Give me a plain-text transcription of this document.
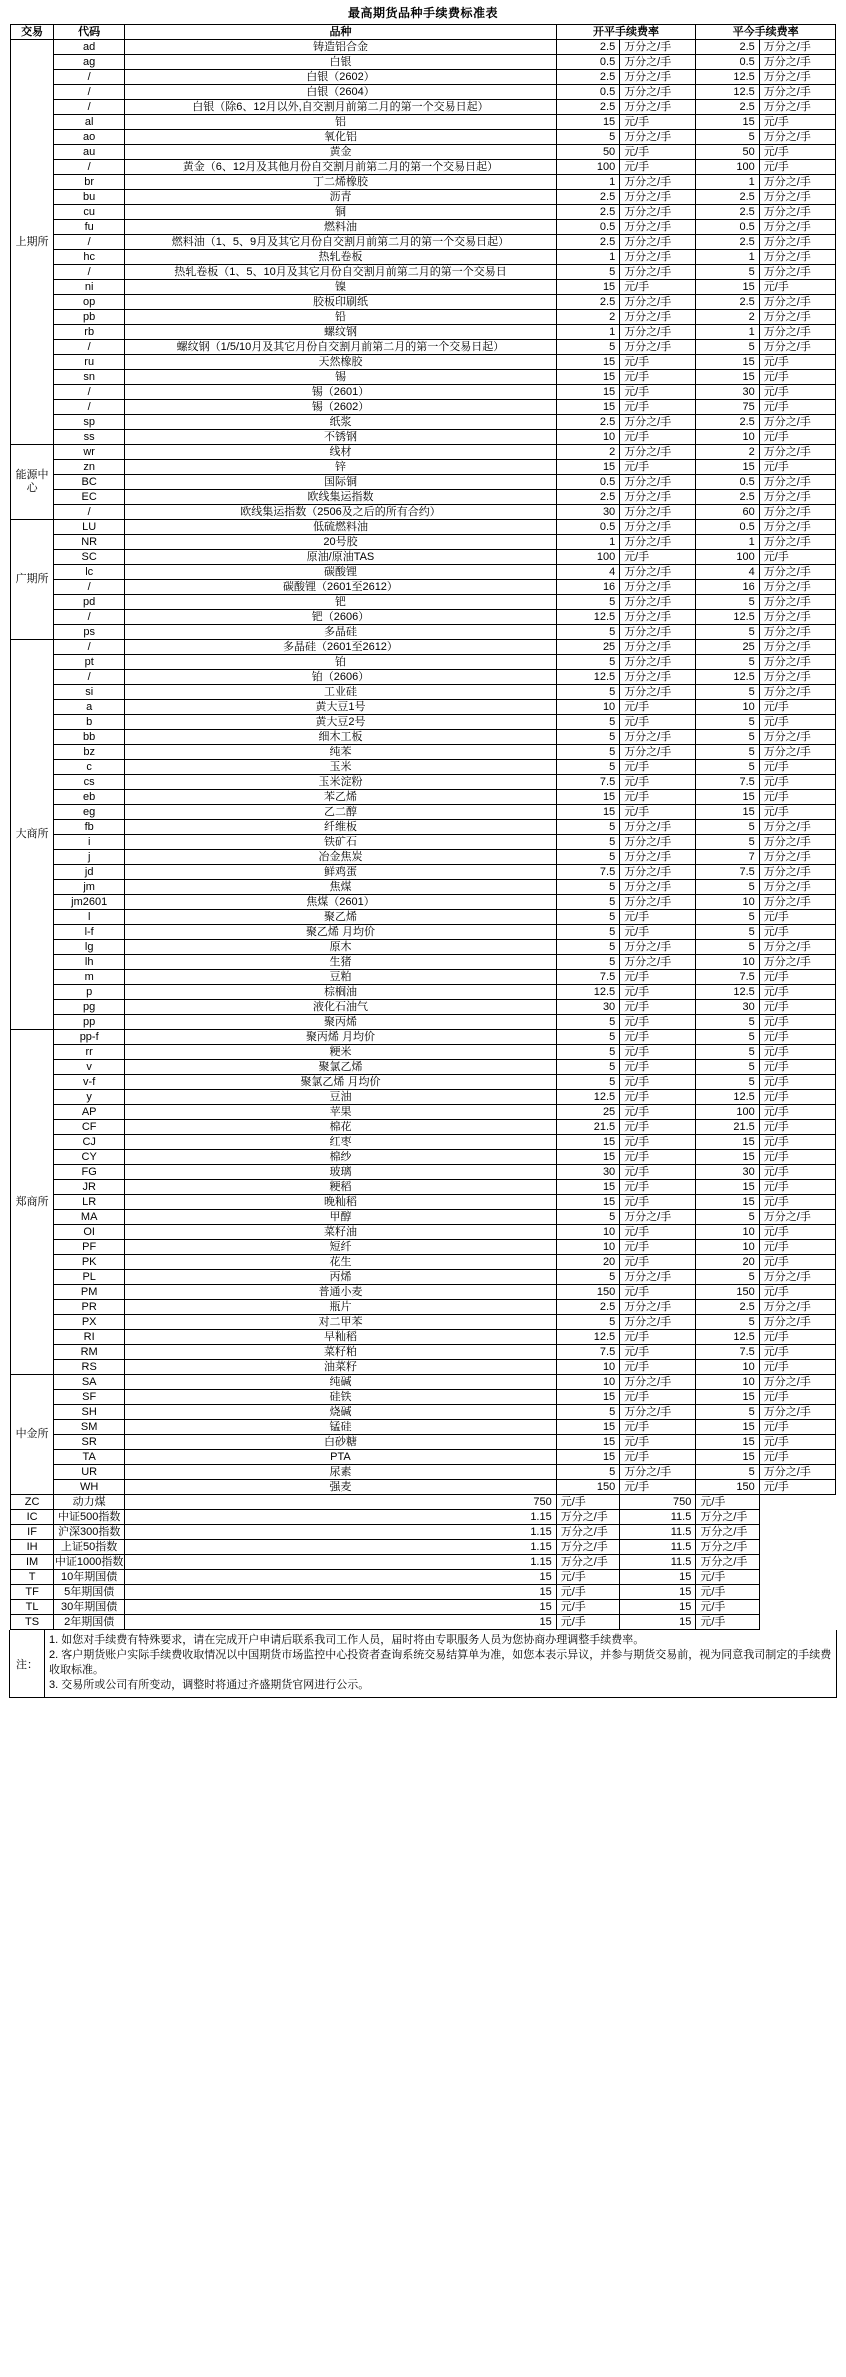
最高期货品种手续费标准表
交易	代码	品种	开平手续费率		平今手续费率	
上期所	ad	铸造铝合金	2.5	万分之/手	2.5	万分之/手
	ag	白银	0.5	万分之/手	0.5	万分之/手
	/	白银（2602）	2.5	万分之/手	12.5	万分之/手
	/	白银（2604）	0.5	万分之/手	12.5	万分之/手
	/	白银（除6、12月以外,自交割月前第二月的第一个交易日起）	2.5	万分之/手	2.5	万分之/手
	al	铝	15	元/手	15	元/手
	ao	氧化铝	5	万分之/手	5	万分之/手
	au	黄金	50	元/手	50	元/手
	/	黄金（6、12月及其他月份自交割月前第二月的第一个交易日起）	100	元/手	100	元/手
	br	丁二烯橡胶	1	万分之/手	1	万分之/手
	bu	沥青	2.5	万分之/手	2.5	万分之/手
	cu	铜	2.5	万分之/手	2.5	万分之/手
	fu	燃料油	0.5	万分之/手	0.5	万分之/手
	/	燃料油（1、5、9月及其它月份自交割月前第二月的第一个交易日起）	2.5	万分之/手	2.5	万分之/手
	hc	热轧卷板	1	万分之/手	1	万分之/手
	/	热轧卷板（1、5、10月及其它月份自交割月前第二月的第一个交易日	5	万分之/手	5	万分之/手
	ni	镍	15	元/手	15	元/手
	op	胶板印刷纸	2.5	万分之/手	2.5	万分之/手
	pb	铅	2	万分之/手	2	万分之/手
	rb	螺纹钢	1	万分之/手	1	万分之/手
	/	螺纹钢（1/5/10月及其它月份自交割月前第二月的第一个交易日起）	5	万分之/手	5	万分之/手
	ru	天然橡胶	15	元/手	15	元/手
	sn	锡	15	元/手	15	元/手
	/	锡（2601）	15	元/手	30	元/手
	/	锡（2602）	15	元/手	75	元/手
	sp	纸浆	2.5	万分之/手	2.5	万分之/手
	ss	不锈钢	10	元/手	10	元/手
能源中心	wr	线材	2	万分之/手	2	万分之/手
	zn	锌	15	元/手	15	元/手
	BC	国际铜	0.5	万分之/手	0.5	万分之/手
	EC	欧线集运指数	2.5	万分之/手	2.5	万分之/手
	/	欧线集运指数（2506及之后的所有合约）	30	万分之/手	60	万分之/手
广期所	LU	低硫燃料油	0.5	万分之/手	0.5	万分之/手
	NR	20号胶	1	万分之/手	1	万分之/手
	SC	原油/原油TAS	100	元/手	100	元/手
	lc	碳酸锂	4	万分之/手	4	万分之/手
	/	碳酸锂（2601至2612）	16	万分之/手	16	万分之/手
	pd	钯	5	万分之/手	5	万分之/手
	/	钯（2606）	12.5	万分之/手	12.5	万分之/手
	ps	多晶硅	5	万分之/手	5	万分之/手
大商所	/	多晶硅（2601至2612）	25	万分之/手	25	万分之/手
	pt	铂	5	万分之/手	5	万分之/手
	/	铂（2606）	12.5	万分之/手	12.5	万分之/手
	si	工业硅	5	万分之/手	5	万分之/手
	a	黄大豆1号	10	元/手	10	元/手
	b	黄大豆2号	5	元/手	5	元/手
	bb	细木工板	5	万分之/手	5	万分之/手
	bz	纯苯	5	万分之/手	5	万分之/手
	c	玉米	5	元/手	5	元/手
	cs	玉米淀粉	7.5	元/手	7.5	元/手
	eb	苯乙烯	15	元/手	15	元/手
	eg	乙二醇	15	元/手	15	元/手
	fb	纤维板	5	万分之/手	5	万分之/手
	i	铁矿石	5	万分之/手	5	万分之/手
	j	冶金焦炭	5	万分之/手	7	万分之/手
	jd	鲜鸡蛋	7.5	万分之/手	7.5	万分之/手
	jm	焦煤	5	万分之/手	5	万分之/手
	jm2601	焦煤（2601）	5	万分之/手	10	万分之/手
	l	聚乙烯	5	元/手	5	元/手
	l-f	聚乙烯 月均价	5	元/手	5	元/手
	lg	原木	5	万分之/手	5	万分之/手
	lh	生猪	5	万分之/手	10	万分之/手
	m	豆粕	7.5	元/手	7.5	元/手
	p	棕榈油	12.5	元/手	12.5	元/手
	pg	液化石油气	30	元/手	30	元/手
	pp	聚丙烯	5	元/手	5	元/手
郑商所	pp-f	聚丙烯 月均价	5	元/手	5	元/手
	rr	粳米	5	元/手	5	元/手
	v	聚氯乙烯	5	元/手	5	元/手
	v-f	聚氯乙烯 月均价	5	元/手	5	元/手
	y	豆油	12.5	元/手	12.5	元/手
	AP	苹果	25	元/手	100	元/手
	CF	棉花	21.5	元/手	21.5	元/手
	CJ	红枣	15	元/手	15	元/手
	CY	棉纱	15	元/手	15	元/手
	FG	玻璃	30	元/手	30	元/手
	JR	粳稻	15	元/手	15	元/手
	LR	晚籼稻	15	元/手	15	元/手
	MA	甲醇	5	万分之/手	5	万分之/手
	OI	菜籽油	10	元/手	10	元/手
	PF	短纤	10	元/手	10	元/手
	PK	花生	20	元/手	20	元/手
	PL	丙烯	5	万分之/手	5	万分之/手
	PM	普通小麦	150	元/手	150	元/手
	PR	瓶片	2.5	万分之/手	2.5	万分之/手
	PX	对二甲苯	5	万分之/手	5	万分之/手
	RI	早籼稻	12.5	元/手	12.5	元/手
	RM	菜籽粕	7.5	元/手	7.5	元/手
	RS	油菜籽	10	元/手	10	元/手
中金所	SA	纯碱	10	万分之/手	10	万分之/手
	SF	硅铁	15	元/手	15	元/手
	SH	烧碱	5	万分之/手	5	万分之/手
	SM	锰硅	15	元/手	15	元/手
	SR	白砂糖	15	元/手	15	元/手
	TA	PTA	15	元/手	15	元/手
	UR	尿素	5	万分之/手	5	万分之/手
	WH	强麦	150	元/手	150	元/手
ZC	动力煤	750	元/手	750	元/手	
IC	中证500指数	1.15	万分之/手	11.5	万分之/手	
IF	沪深300指数	1.15	万分之/手	11.5	万分之/手	
IH	上证50指数	1.15	万分之/手	11.5	万分之/手	
IM	中证1000指数	1.15	万分之/手	11.5	万分之/手	
T	10年期国债	15	元/手	15	元/手	
TF	5年期国债	15	元/手	15	元/手	
TL	30年期国债	15	元/手	15	元/手	
TS	2年期国债	15	元/手	15	元/手	
注：
1. 如您对手续费有特殊要求，请在完成开户申请后联系我司工作人员，届时将由专职服务人员为您协商办理调整手续费率。
2. 客户期货账户实际手续费收取情况以中国期货市场监控中心投资者查询系统交易结算单为准，如您本表示异议，并参与期货交易前，视为同意我司制定的手续费收取标准。
3. 交易所或公司有所变动，调整时将通过齐盛期货官网进行公示。
